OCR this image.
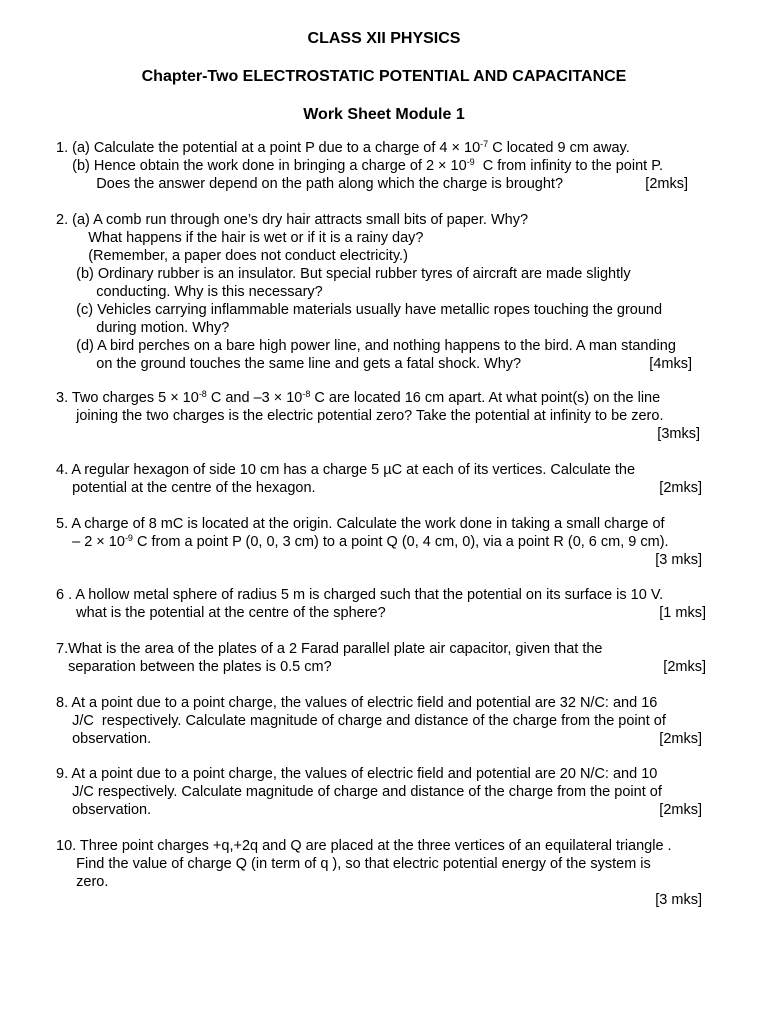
CLASS XII PHYSICS

Chapter-Two ELECTROSTATIC POTENTIAL AND CAPACITANCE

Work Sheet Module 1

1. (a) Calculate the potential at a point P due to a charge of $4 \times 10^{-7}$ C located 9 cm away.
(b) Hence obtain the work done in bringing a charge of $2 \times 10^{-9}$  C from infinity to the point P.
Does the answer depend on the path along which the charge is brought?	[2mks]
2. (a) A comb run through one’s dry hair attracts small bits of paper. Why?
What happens if the hair is wet or if it is a rainy day?
(Remember, a paper does not conduct electricity.)
(b) Ordinary rubber is an insulator. But special rubber tyres of aircraft are made slightly
conducting. Why is this necessary?
(c) Vehicles carrying inflammable materials usually have metallic ropes touching the ground
during motion. Why?
(d) A bird perches on a bare high power line, and nothing happens to the bird. A man standing
on the ground touches the same line and gets a fatal shock. Why?	[4mks]
3. Two charges $5 \times 10^{-8}$ C and $-3 \times 10^{-8}$ C are located 16 cm apart. At what point(s) on the line
joining the two charges is the electric potential zero? Take the potential at infinity to be zero.
[3mks]
4. A regular hexagon of side 10 cm has a charge 5 µC at each of its vertices. Calculate the
potential at the centre of the hexagon.	[2mks]
5. A charge of 8 mC is located at the origin. Calculate the work done in taking a small charge of
– $2 \times 10^{-9}$ C from a point P (0, 0, 3 cm) to a point Q (0, 4 cm, 0), via a point R (0, 6 cm, 9 cm).
[3 mks]
6 . A hollow metal sphere of radius 5 m is charged such that the potential on its surface is 10 V.
what is the potential at the centre of the sphere?	[1 mks]
7.What is the area of the plates of a 2 Farad parallel plate air capacitor, given that the
separation between the plates is 0.5 cm?	[2mks]
8. At a point due to a point charge, the values of electric field and potential are 32 N/C: and 16
J/C  respectively. Calculate magnitude of charge and distance of the charge from the point of
observation.	[2mks]
9. At a point due to a point charge, the values of electric field and potential are 20 N/C: and 10
J/C respectively. Calculate magnitude of charge and distance of the charge from the point of
observation.	[2mks]
10. Three point charges +q,+2q and Q are placed at the three vertices of an equilateral triangle .
Find the value of charge Q (in term of q ), so that electric potential energy of the system is
zero.
[3 mks]
